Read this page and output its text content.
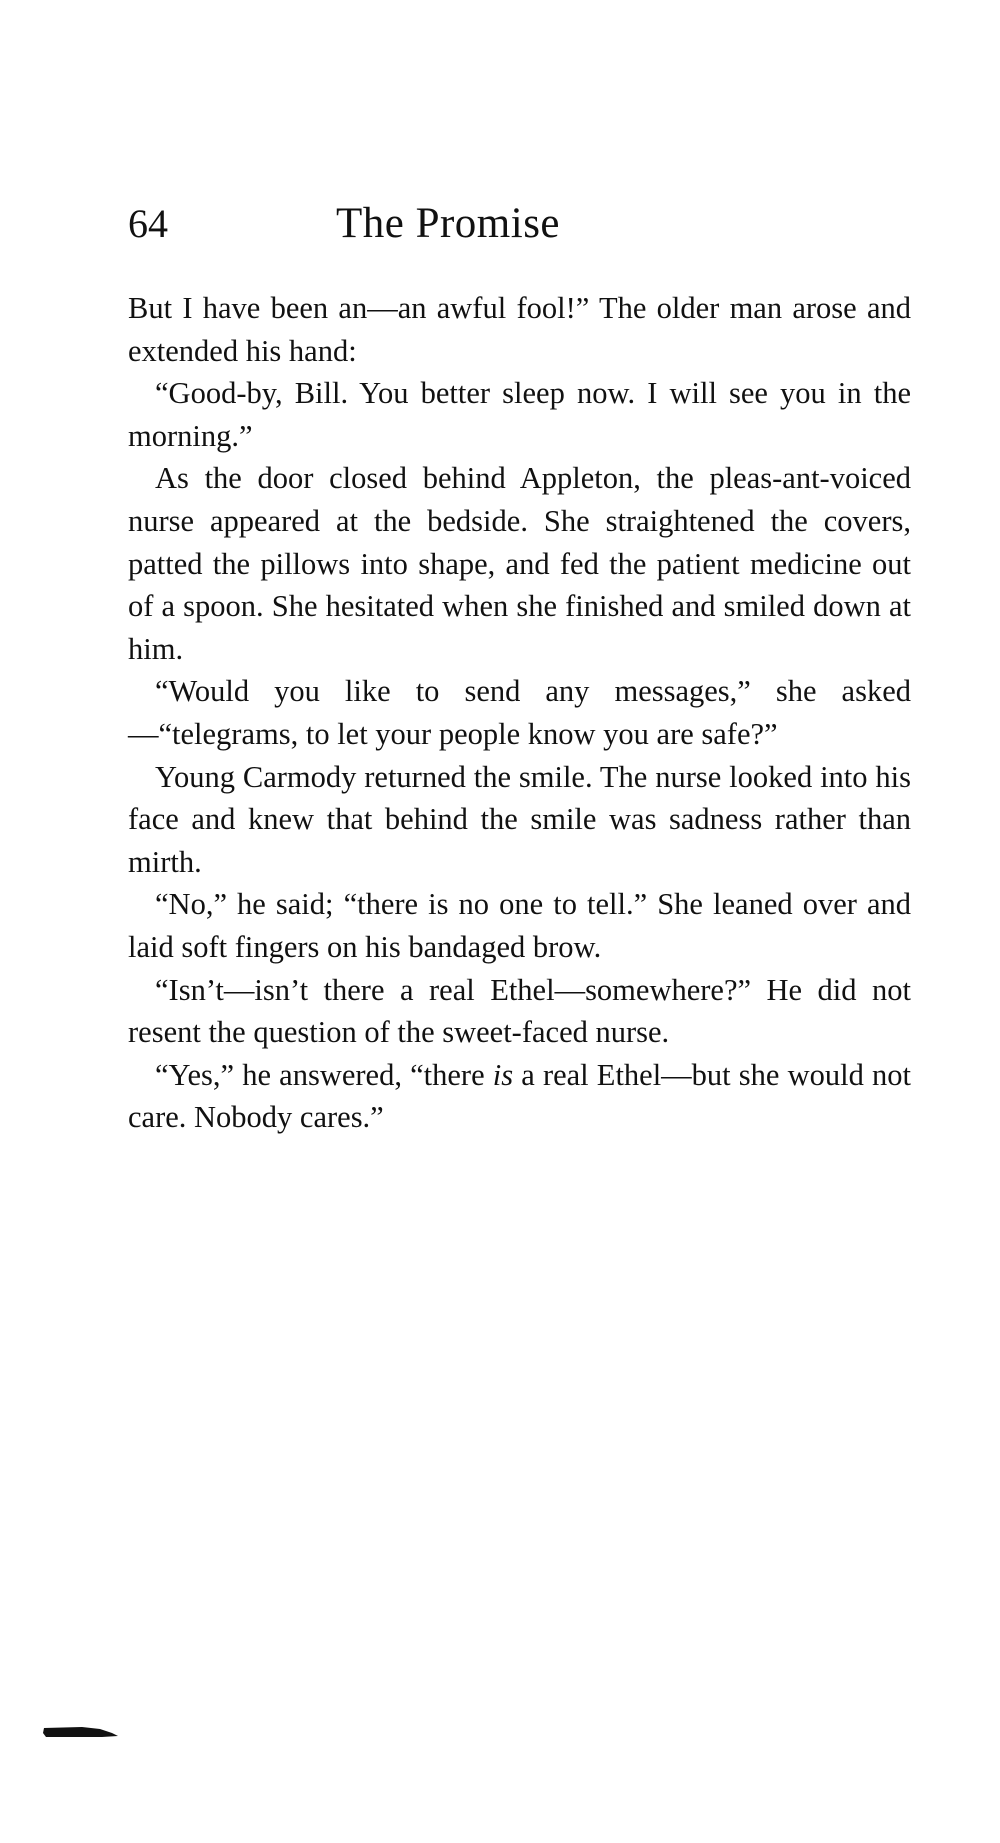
64	The Promise

But I have been an—an awful fool!” The older man arose and extended his hand:

“Good-by, Bill. You better sleep now. I will see you in the morning.”

As the door closed behind Appleton, the pleas-ant-voiced nurse appeared at the bedside. She straightened the covers, patted the pillows into shape, and fed the patient medicine out of a spoon. She hesitated when she finished and smiled down at him.

“Would you like to send any messages,” she asked—“telegrams, to let your people know you are safe?”

Young Carmody returned the smile. The nurse looked into his face and knew that behind the smile was sadness rather than mirth.

“No,” he said; “there is no one to tell.” She leaned over and laid soft fingers on his bandaged brow.

“Isn’t—isn’t there a real Ethel—somewhere?” He did not resent the question of the sweet-faced nurse.

“Yes,” he answered, “there is a real Ethel—but she would not care. Nobody cares.”
